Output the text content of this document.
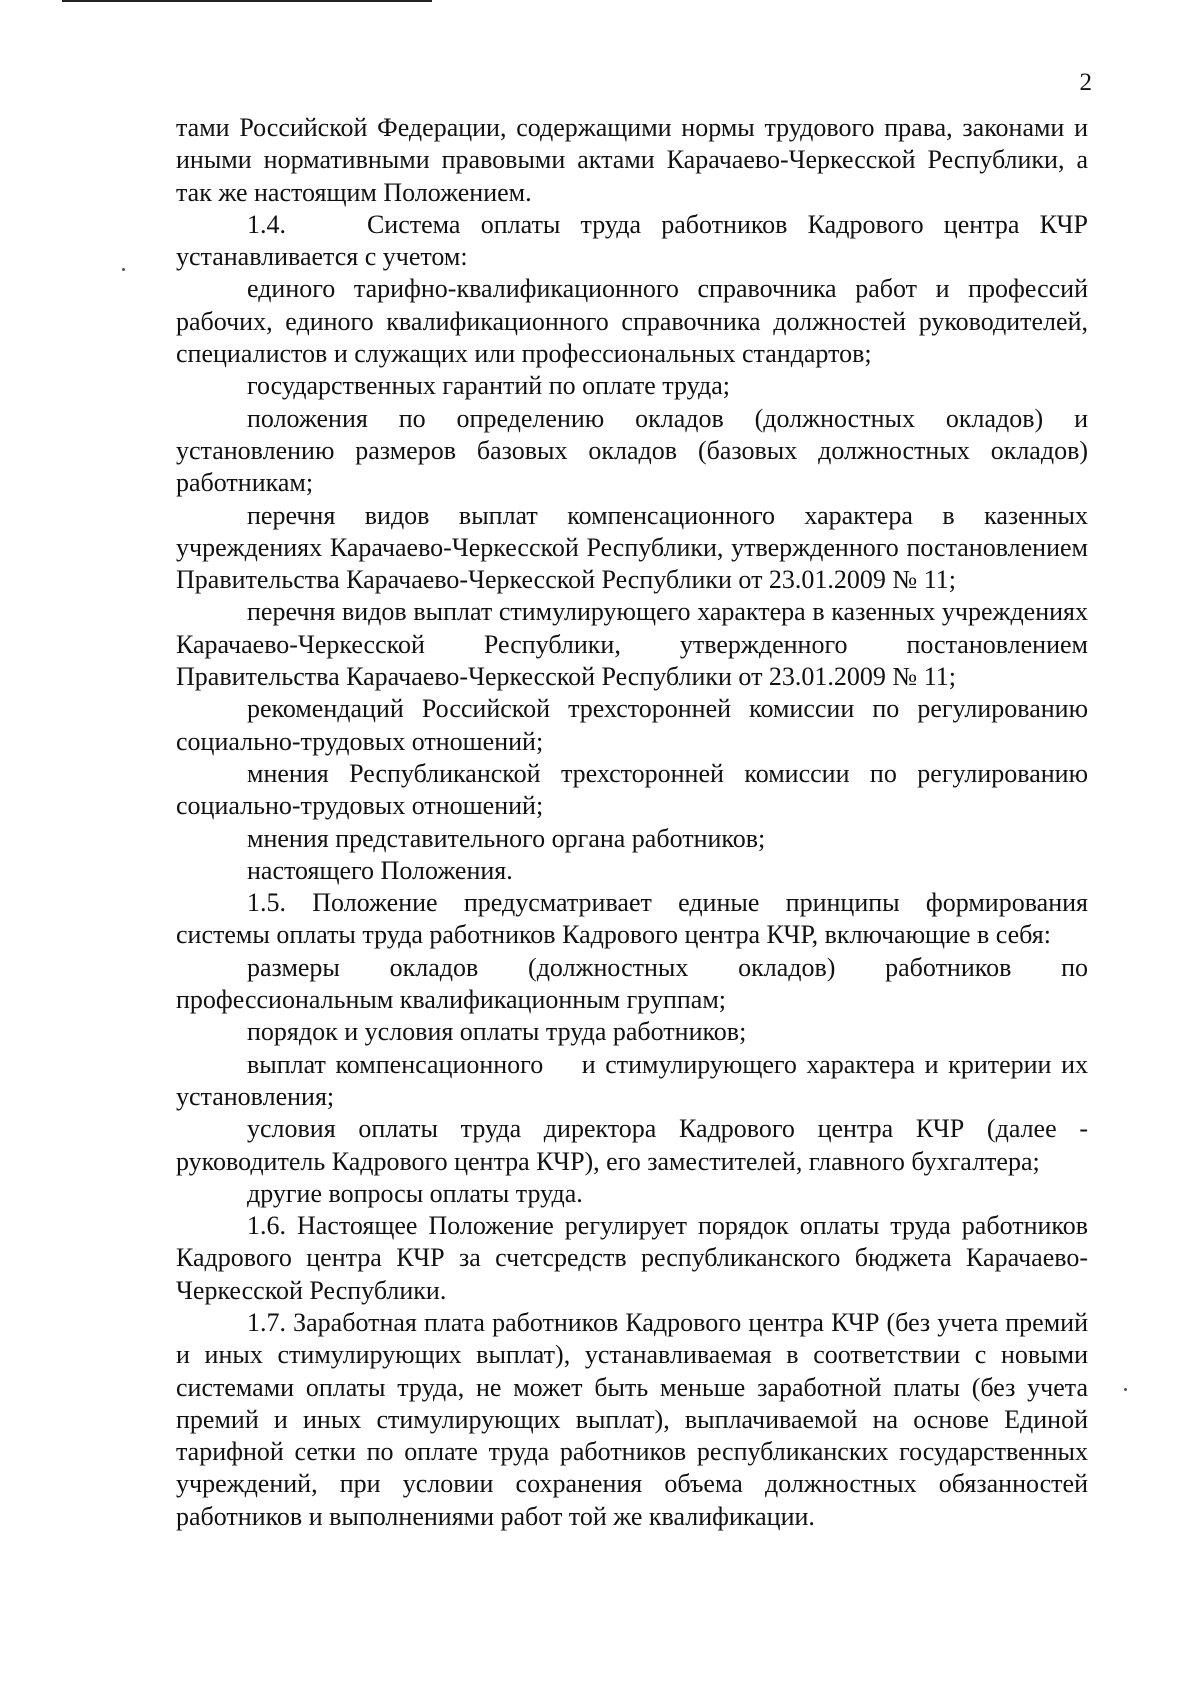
2

тами Российской Федерации, содержащими нормы трудового права, законами и иными нормативными правовыми актами Карачаево-Черкесской Республики, а так же настоящим Положением.

1.4.    Система оплаты труда работников Кадрового центра КЧР устанавливается с учетом:

единого тарифно-квалификационного справочника работ и профессий рабочих, единого квалификационного справочника должностей руководителей, специалистов и служащих или профессиональных стандартов;

государственных гарантий по оплате труда;

положения по определению окладов (должностных окладов) и установлению размеров базовых окладов (базовых должностных окладов) работникам;

перечня видов выплат компенсационного характера в казенных учреждениях Карачаево-Черкесской Республики, утвержденного постановлением Правительства Карачаево-Черкесской Республики от 23.01.2009 № 11;

перечня видов выплат стимулирующего характера в казенных учреждениях Карачаево-Черкесской Республики, утвержденного постановлением Правительства Карачаево-Черкесской Республики от 23.01.2009 № 11;

рекомендаций Российской трехсторонней комиссии по регулированию социально-трудовых отношений;

мнения Республиканской трехсторонней комиссии по регулированию социально-трудовых отношений;

мнения представительного органа работников;

настоящего Положения.

1.5. Положение предусматривает единые принципы формирования системы оплаты труда работников Кадрового центра КЧР, включающие в себя:

размеры окладов (должностных окладов) работников по профессиональным квалификационным группам;

порядок и условия оплаты труда работников;

выплат компенсационного    и стимулирующего характера и критерии их установления;

условия оплаты труда директора Кадрового центра КЧР (далее - руководитель Кадрового центра КЧР), его заместителей, главного бухгалтера;

другие вопросы оплаты труда.

1.6. Настоящее Положение регулирует порядок оплаты труда работников Кадрового центра КЧР за счетсредств республиканского бюджета Карачаево-Черкесской Республики.

1.7. Заработная плата работников Кадрового центра КЧР (без учета премий и иных стимулирующих выплат), устанавливаемая в соответствии с новыми системами оплаты труда, не может быть меньше заработной платы (без учета премий и иных стимулирующих выплат), выплачиваемой на основе Единой тарифной сетки по оплате труда работников республиканских государственных учреждений, при условии сохранения объема должностных обязанностей работников и выполнениями работ той же квалификации.
